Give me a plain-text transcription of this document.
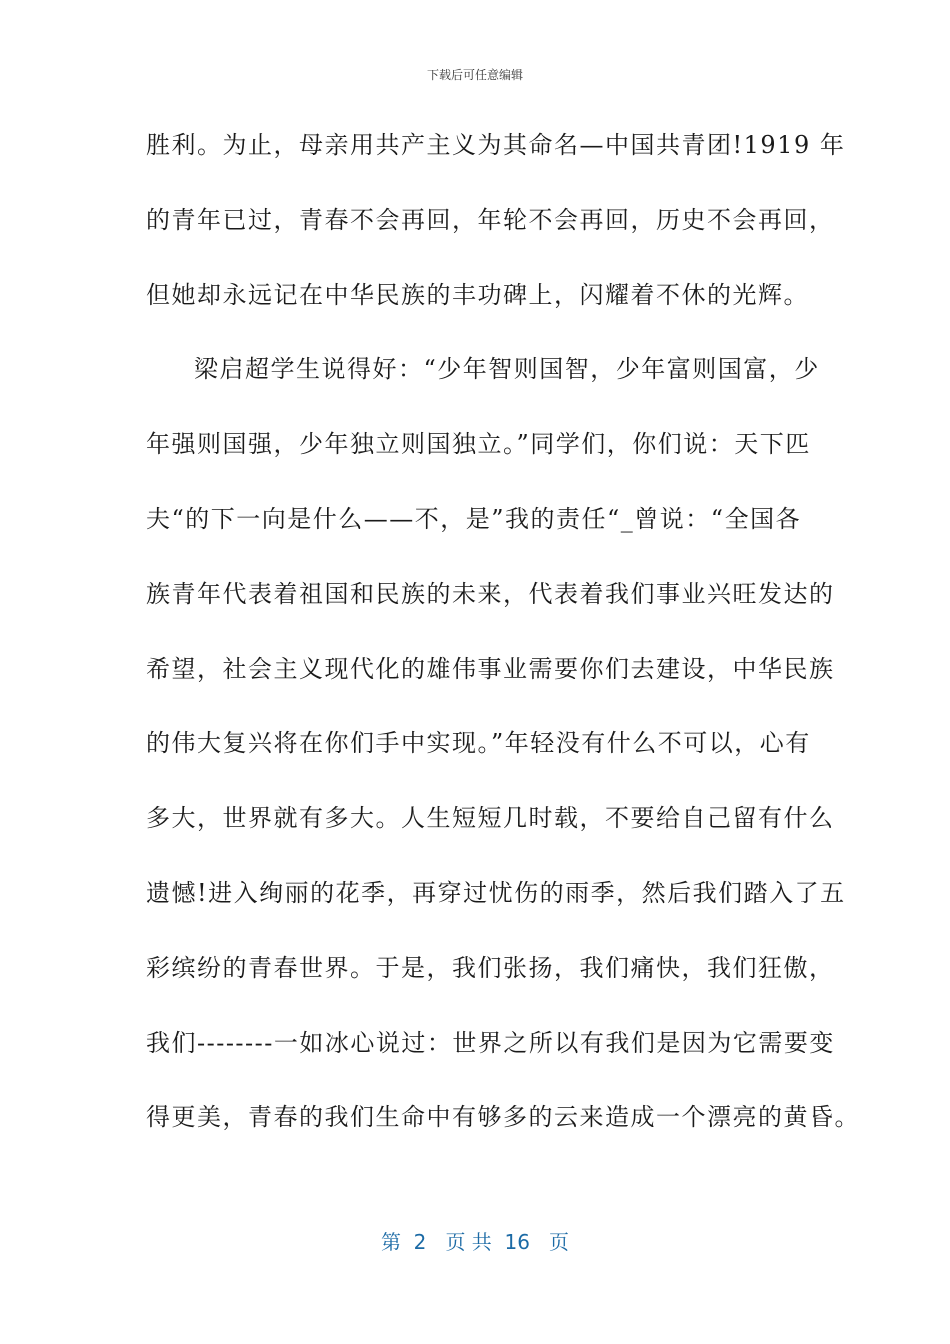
下载后可任意编辑
胜利。为止，母亲用共产主义为其命名—中国共青团!1919 年
的青年已过，青春不会再回，年轮不会再回，历史不会再回，
但她却永远记在中华民族的丰功碑上，闪耀着不休的光辉。
梁启超学生说得好：“少年智则国智，少年富则国富，少
年强则国强，少年独立则国独立。”同学们，你们说：天下匹
夫“的下一向是什么——不，是”我的责任“_曾说：“全国各
族青年代表着祖国和民族的未来，代表着我们事业兴旺发达的
希望，社会主义现代化的雄伟事业需要你们去建设，中华民族
的伟大复兴将在你们手中实现。”年轻没有什么不可以，心有
多大，世界就有多大。人生短短几时载，不要给自己留有什么
遗憾!进入绚丽的花季，再穿过忧伤的雨季，然后我们踏入了五
彩缤纷的青春世界。于是，我们张扬，我们痛快，我们狂傲，
我们--------一如冰心说过：世界之所以有我们是因为它需要变
得更美，青春的我们生命中有够多的云来造成一个漂亮的黄昏。
第  2   页 共  16   页
